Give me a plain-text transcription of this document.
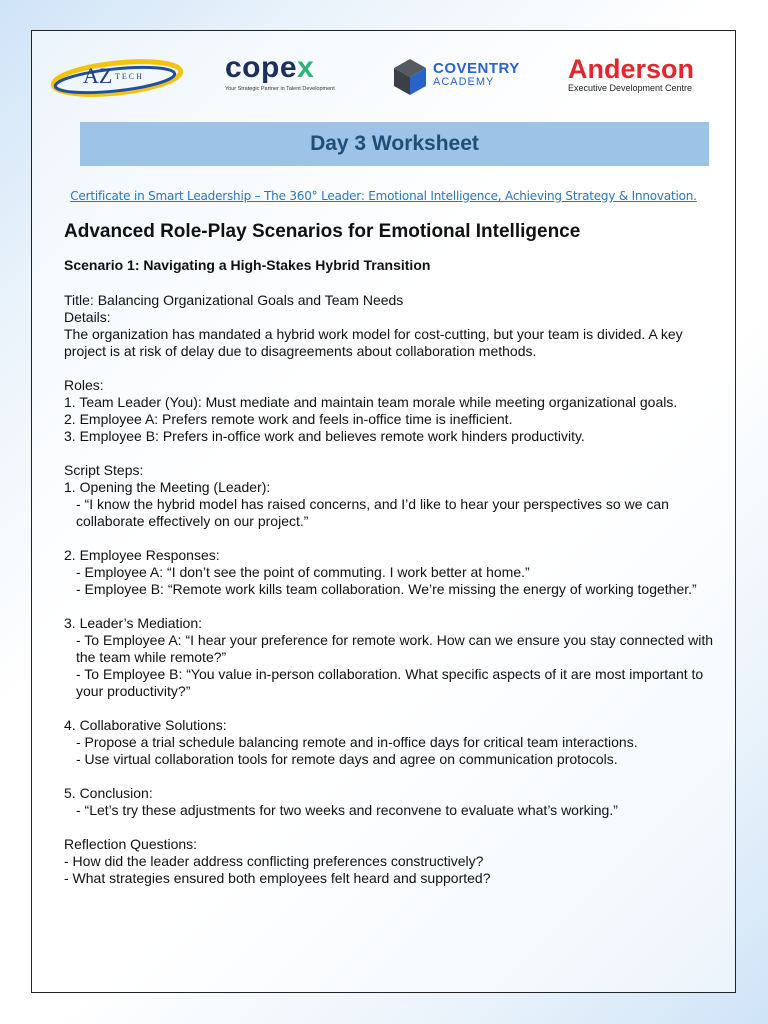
AZ TECH	copex
Your Strategic Partner in Talent Development
COVENTRY
ACADEMY	Anderson
Executive Development Centre
Day 3 Worksheet
Certificate in Smart Leadership – The 360° Leader: Emotional Intelligence, Achieving Strategy & Innovation.

Advanced Role-Play Scenarios for Emotional Intelligence

Scenario 1: Navigating a High-Stakes Hybrid Transition

Title: Balancing Organizational Goals and Team Needs

Details:

The organization has mandated a hybrid work model for cost-cutting, but your team is divided. A key project is at risk of delay due to disagreements about collaboration methods.

Roles:

1. Team Leader (You): Must mediate and maintain team morale while meeting organizational goals.

2. Employee A: Prefers remote work and feels in-office time is inefficient.

3. Employee B: Prefers in-office work and believes remote work hinders productivity.

Script Steps:

1. Opening the Meeting (Leader):

- “I know the hybrid model has raised concerns, and I’d like to hear your perspectives so we can collaborate effectively on our project.”

2. Employee Responses:

- Employee A: “I don’t see the point of commuting. I work better at home.”

- Employee B: “Remote work kills team collaboration. We’re missing the energy of working together.”

3. Leader’s Mediation:

- To Employee A: “I hear your preference for remote work. How can we ensure you stay connected with the team while remote?”

- To Employee B: “You value in-person collaboration. What specific aspects of it are most important to your productivity?”

4. Collaborative Solutions:

- Propose a trial schedule balancing remote and in-office days for critical team interactions.

- Use virtual collaboration tools for remote days and agree on communication protocols.

5. Conclusion:

- “Let’s try these adjustments for two weeks and reconvene to evaluate what’s working.”

Reflection Questions:

- How did the leader address conflicting preferences constructively?

- What strategies ensured both employees felt heard and supported?
